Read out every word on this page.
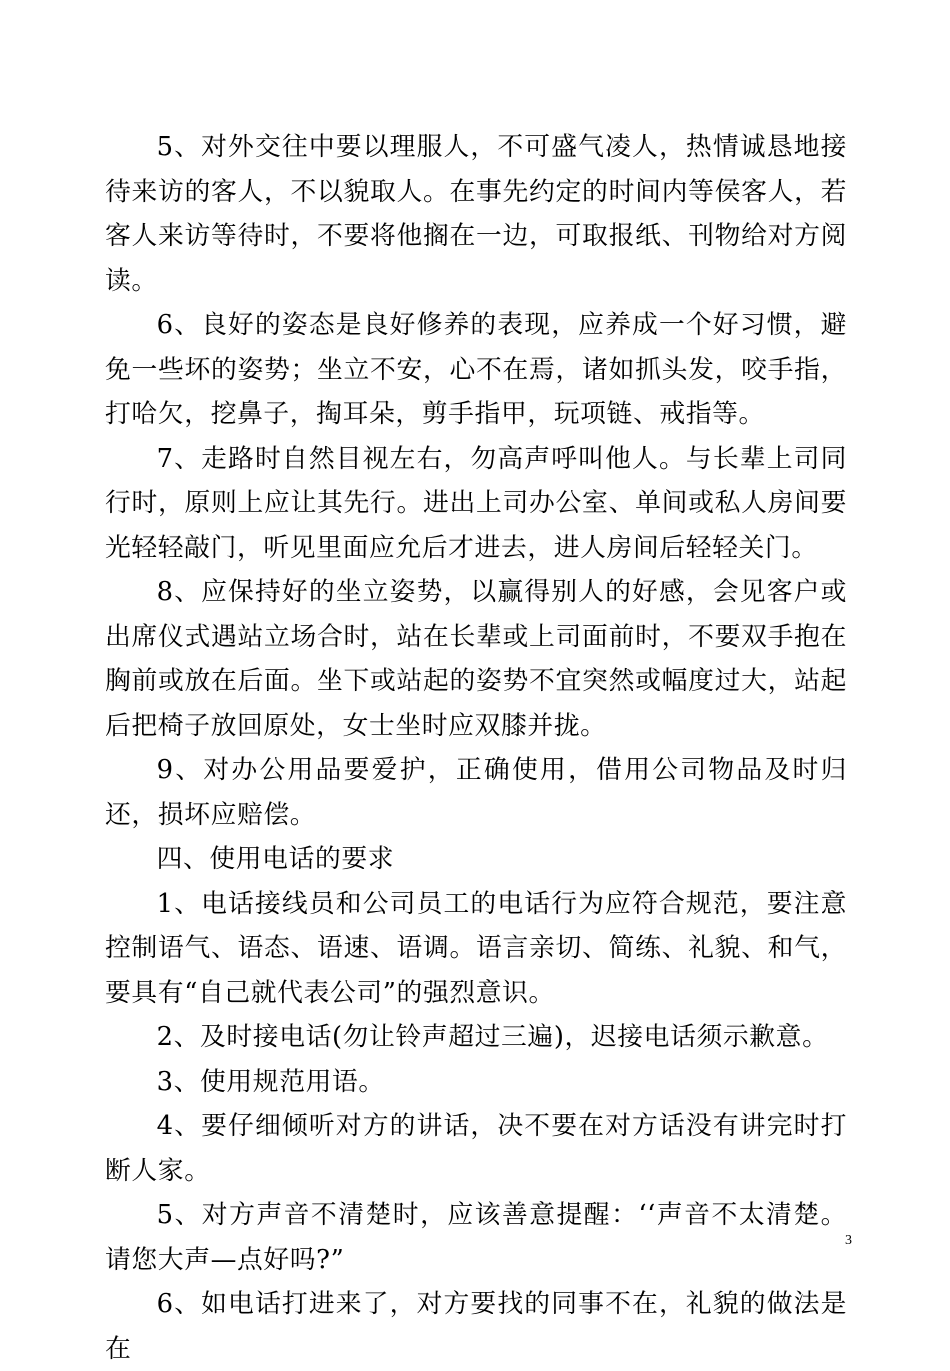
5、对外交往中要以理服人，不可盛气凌人，热情诚恳地接待来访的客人，不以貌取人。在事先约定的时间内等侯客人，若客人来访等待时，不要将他搁在一边，可取报纸、刊物给对方阅读。

6、良好的姿态是良好修养的表现，应养成一个好习惯，避免一些坏的姿势；坐立不安，心不在焉，诸如抓头发，咬手指，打哈欠，挖鼻子，掏耳朵，剪手指甲，玩项链、戒指等。

7、走路时自然目视左右，勿高声呼叫他人。与长辈上司同行时，原则上应让其先行。进出上司办公室、单间或私人房间要光轻轻敲门，听见里面应允后才进去，进人房间后轻轻关门。

8、应保持好的坐立姿势，以赢得别人的好感，会见客户或出席仪式遇站立场合时，站在长辈或上司面前时，不要双手抱在胸前或放在后面。坐下或站起的姿势不宜突然或幅度过大，站起后把椅子放回原处，女士坐时应双膝并拢。

9、对办公用品要爱护，正确使用，借用公司物品及时归还，损坏应赔偿。

四、使用电话的要求

1、电话接线员和公司员工的电话行为应符合规范，要注意控制语气、语态、语速、语调。语言亲切、简练、礼貌、和气，要具有“自己就代表公司”的强烈意识。

2、及时接电话(勿让铃声超过三遍)，迟接电话须示歉意。

3、使用规范用语。

4、要仔细倾听对方的讲话，决不要在对方话没有讲完时打断人家。

5、对方声音不清楚时，应该善意提醒：‘‘声音不太清楚。请您大声—点好吗?”

6、如电话打进来了，对方要找的同事不在，礼貌的做法是在

3
